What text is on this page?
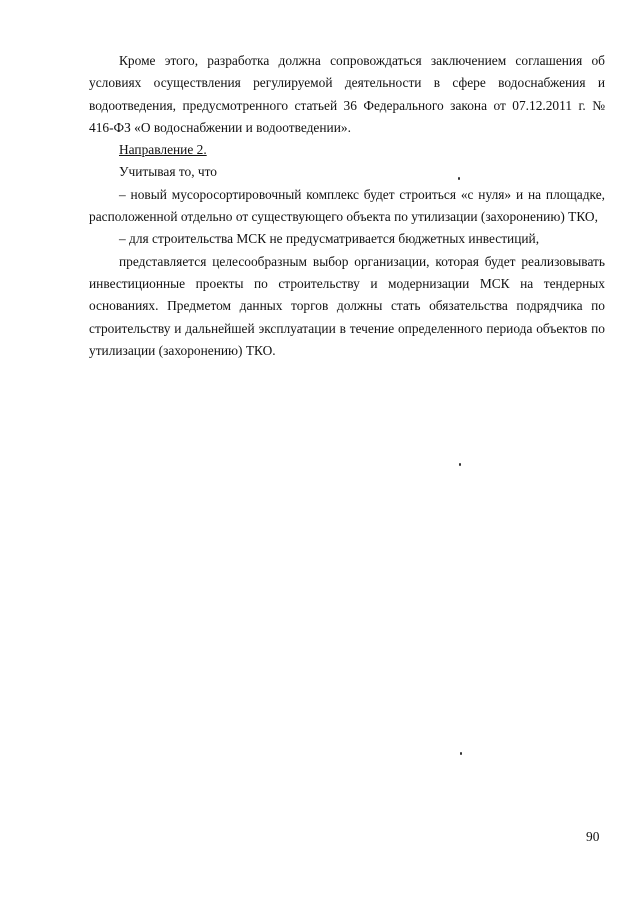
Кроме этого, разработка должна сопровождаться заключением соглашения об условиях осуществления регулируемой деятельности в сфере водоснабжения и водоотведения, предусмотренного статьей 36 Федерального закона от 07.12.2011 г. № 416-ФЗ «О водоснабжении и водоотведении».

Направление 2.

Учитывая то, что

– новый мусоросортировочный комплекс будет строиться «с нуля» и на площадке, расположенной отдельно от существующего объекта по утилизации (захоронению) ТКО,

– для строительства МСК не предусматривается бюджетных инвестиций,

представляется целесообразным выбор организации, которая будет реализовывать инвестиционные проекты по строительству и модернизации МСК на тендерных основаниях. Предметом данных торгов должны стать обязательства подрядчика по строительству и дальнейшей эксплуатации в течение определенного периода объектов по утилизации (захоронению) ТКО.

90
